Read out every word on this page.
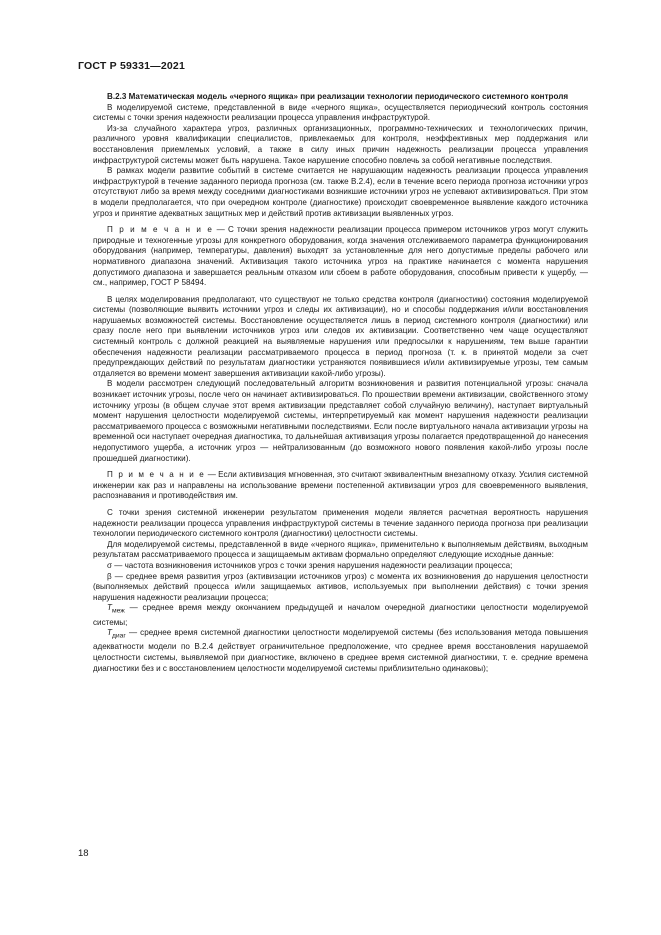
ГОСТ Р 59331—2021

В.2.3 Математическая модель «черного ящика» при реализации технологии периодического системного контроля

В моделируемой системе, представленной в виде «черного ящика», осуществляется периодический контроль состояния системы с точки зрения надежности реализации процесса управления инфраструктурой.

Из-за случайного характера угроз, различных организационных, программно-технических и технологических причин, различного уровня квалификации специалистов, привлекаемых для контроля, неэффективных мер поддержания или восстановления приемлемых условий, а также в силу иных причин надежность реализации процесса управления инфраструктурой системы может быть нарушена. Такое нарушение способно повлечь за собой негативные последствия.

В рамках модели развитие событий в системе считается не нарушающим надежность реализации процесса управления инфраструктурой в течение заданного периода прогноза (см. также В.2.4), если в течение всего периода прогноза источники угроз отсутствуют либо за время между соседними диагностиками возникшие источники угроз не успевают активизироваться. При этом в модели предполагается, что при очередном контроле (диагностике) происходит своевременное выявление каждого источника угроз и принятие адекватных защитных мер и действий против активизации выявленных угроз.

П р и м е ч а н и е — С точки зрения надежности реализации процесса примером источников угроз могут служить природные и техногенные угрозы для конкретного оборудования, когда значения отслеживаемого параметра функционирования оборудования (например, температуры, давления) выходят за установленные для него допустимые пределы рабочего или нормативного диапазона значений. Активизация такого источника угроз на практике начинается с момента нарушения допустимого диапазона и завершается реальным отказом или сбоем в работе оборудования, способным привести к ущербу, — см., например, ГОСТ Р 58494.

В целях моделирования предполагают, что существуют не только средства контроля (диагностики) состояния моделируемой системы (позволяющие выявить источники угроз и следы их активизации), но и способы поддержания и/или восстановления нарушаемых возможностей системы. Восстановление осуществляется лишь в период системного контроля (диагностики) или сразу после него при выявлении источников угроз или следов их активизации. Соответственно чем чаще осуществляют системный контроль с должной реакцией на выявляемые нарушения или предпосылки к нарушениям, тем выше гарантии обеспечения надежности реализации рассматриваемого процесса в период прогноза (т. к. в принятой модели за счет предупреждающих действий по результатам диагностики устраняются появившиеся и/или активизируемые угрозы, тем самым отдаляется во времени момент завершения активизации какой-либо угрозы).

В модели рассмотрен следующий последовательный алгоритм возникновения и развития потенциальной угрозы: сначала возникает источник угрозы, после чего он начинает активизироваться. По прошествии времени активизации, свойственного этому источнику угрозы (в общем случае этот время активизации представляет собой случайную величину), наступает виртуальный момент нарушения целостности моделируемой системы, интерпретируемый как момент нарушения надежности реализации рассматриваемого процесса с возможными негативными последствиями. Если после виртуального начала активизации угрозы на временной оси наступает очередная диагностика, то дальнейшая активизация угрозы полагается предотвращенной до нанесения недопустимого ущерба, а источник угроз — нейтрализованным (до возможного нового появления какой-либо угрозы после прошедшей диагностики).

П р и м е ч а н и е — Если активизация мгновенная, это считают эквивалентным внезапному отказу. Усилия системной инженерии как раз и направлены на использование времени постепенной активизации угроз для своевременного выявления, распознавания и противодействия им.

С точки зрения системной инженерии результатом применения модели является расчетная вероятность нарушения надежности реализации процесса управления инфраструктурой системы в течение заданного периода прогноза при реализации технологии периодического системного контроля (диагностики) целостности системы.

Для моделируемой системы, представленной в виде «черного ящика», применительно к выполняемым действиям, выходным результатам рассматриваемого процесса и защищаемым активам формально определяют следующие исходные данные:

σ — частота возникновения источников угроз с точки зрения нарушения надежности реализации процесса;

β — среднее время развития угроз (активизации источников угроз) с момента их возникновения до нарушения целостности (выполняемых действий процесса и/или защищаемых активов, используемых при выполнении действия) с точки зрения нарушения надежности реализации процесса;

$T_{меж}$ — среднее время между окончанием предыдущей и началом очередной диагностики целостности моделируемой системы;

$T_{диаг}$ — среднее время системной диагностики целостности моделируемой системы (без использования метода повышения адекватности модели по В.2.4 действует ограничительное предположение, что среднее время восстановления нарушаемой целостности системы, выявляемой при диагностике, включено в среднее время системной диагностики, т. е. средние времена диагностики без и с восстановлением целостности моделируемой системы приблизительно одинаковы);

18
